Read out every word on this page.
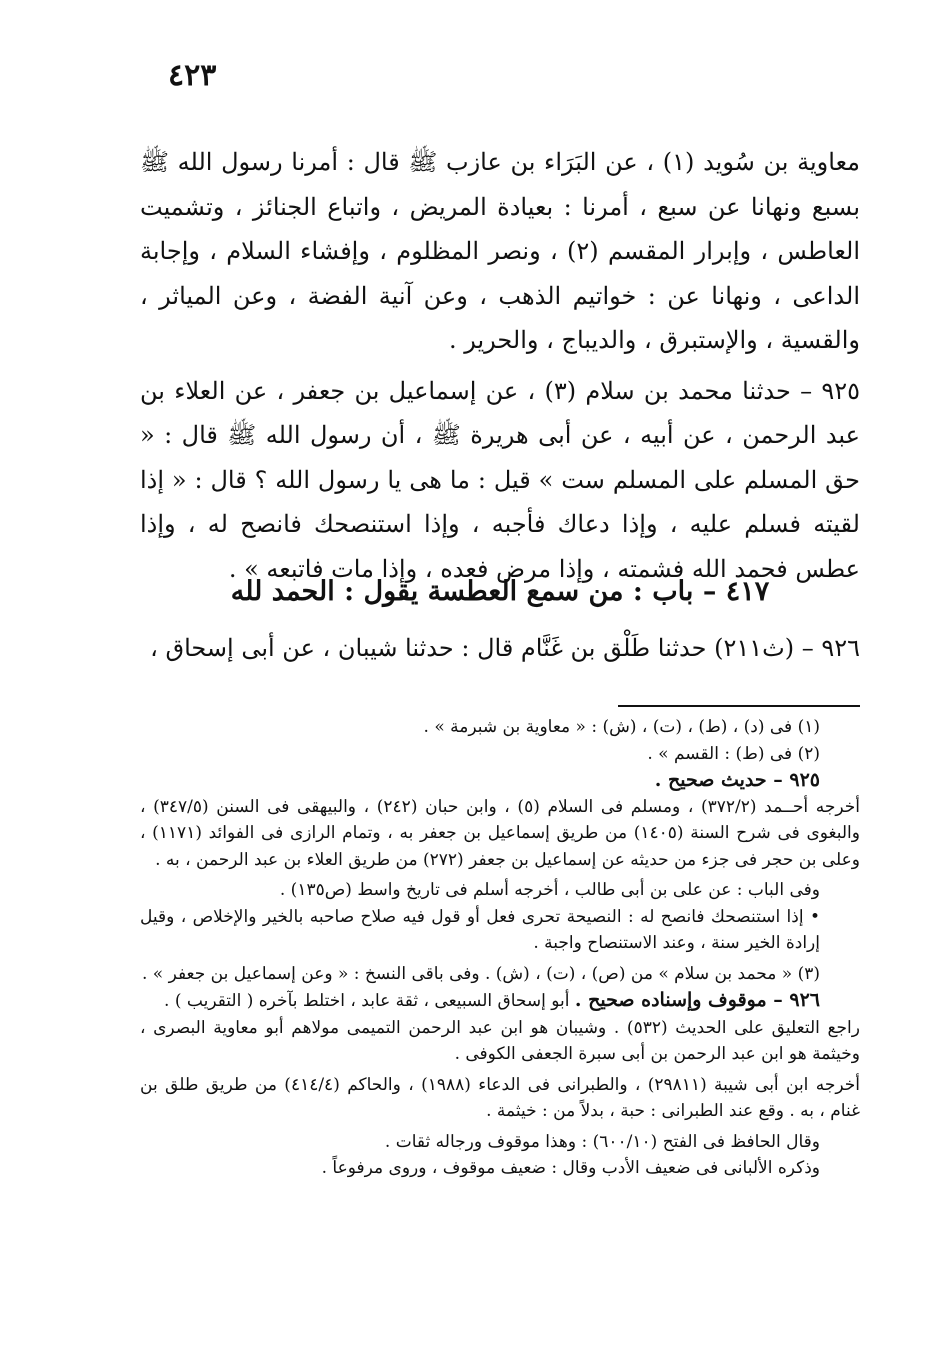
٤٢٣

معاوية بن سُويد (١) ، عن البَرَاء بن عازب ﷺ قال : أمرنا رسول الله ﷺ بسبع ونهانا عن سبع ، أمرنا : بعيادة المريض ، واتباع الجنائز ، وتشميت العاطس ، وإبرار المقسم (٢) ، ونصر المظلوم ، وإفشاء السلام ، وإجابة الداعى ، ونهانا عن : خواتيم الذهب ، وعن آنية الفضة ، وعن المياثر ، والقسية ، والإستبرق ، والديباج ، والحرير .

٩٢٥ – حدثنا محمد بن سلام (٣) ، عن إسماعيل بن جعفر ، عن العلاء بن عبد الرحمن ، عن أبيه ، عن أبى هريرة ﷺ ، أن رسول الله ﷺ قال : « حق المسلم على المسلم ست » قيل : ما هى يا رسول الله ؟ قال : « إذا لقيته فسلم عليه ، وإذا دعاك فأجبه ، وإذا استنصحك فانصح له ، وإذا عطس فحمد الله فشمته ، وإذا مرض فعده ، وإذا مات فاتبعه » .

٤١٧ – باب : من سمع العطسة يقول : الحمد لله
٩٢٦ – (ث٢١١) حدثنا طَلْق بن غَنَّام قال : حدثنا شيبان ، عن أبى إسحاق ،

(١) فى (د) ، (ط) ، (ت) ، (ش) : « معاوية بن شبرمة » .

(٢) فى (ط) : القسم » .

٩٢٥ – حديث صحيح .

أخرجه أحــمد (٣٧٢/٢) ، ومسلم فى السلام (٥) ، وابن حبان (٢٤٢) ، والبيهقى فى السنن (٣٤٧/٥) ، والبغوى فى شرح السنة (١٤٠٥) من طريق إسماعيل بن جعفر به ، وتمام الرازى فى الفوائد (١١٧١) ، وعلى بن حجر فى جزء من حديثه عن إسماعيل بن جعفر (٢٧٢) من طريق العلاء بن عبد الرحمن ، به .

وفى الباب : عن على بن أبى طالب ، أخرجه أسلم فى تاريخ واسط (ص١٣٥) .

• إذا استنصحك فانصح له : النصيحة تحرى فعل أو قول فيه صلاح صاحبه بالخير والإخلاص ، وقيل إرادة الخير سنة ، وعند الاستنصاح واجبة .

(٣) « محمد بن سلام » من (ص) ، (ت) ، (ش) . وفى باقى النسخ : « وعن إسماعيل بن جعفر » .

٩٢٦ – موقوف وإسناده صحيح . أبو إسحاق السبيعى ، ثقة عابد ، اختلط بآخره ( التقريب ) .

راجع التعليق على الحديث (٥٣٢) . وشيبان هو ابن عبد الرحمن التميمى مولاهم أبو معاوية البصرى ، وخيثمة هو ابن عبد الرحمن بن أبى سبرة الجعفى الكوفى .

أخرجه ابن أبى شيبة (٢٩٨١١) ، والطبرانى فى الدعاء (١٩٨٨) ، والحاكم (٤١٤/٤) من طريق طلق بن غنام ، به . وقع عند الطبرانى : حبة ، بدلاً من : خيثمة .

وقال الحافظ فى الفتح (٦٠٠/١٠) : وهذا موقوف ورجاله ثقات .

وذكره الألبانى فى ضعيف الأدب وقال : ضعيف موقوف ، وروى مرفوعاً .
